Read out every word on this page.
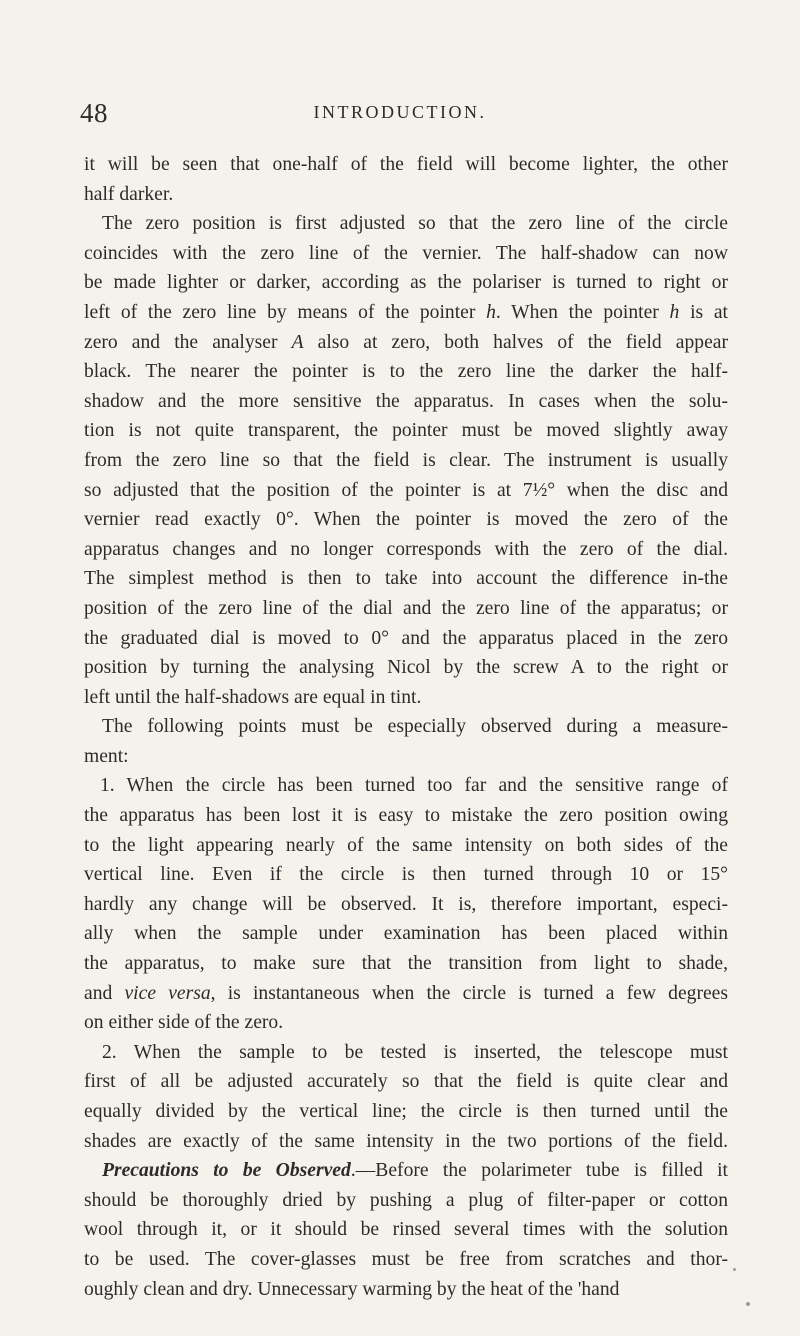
48	INTRODUCTION.
it will be seen that one-half of the field will become lighter, the other
half darker.
The zero position is first adjusted so that the zero line of the circle
coincides with the zero line of the vernier. The half-shadow can now
be made lighter or darker, according as the polariser is turned to right or
left of the zero line by means of the pointer h. When the pointer h is at
zero and the analyser A also at zero, both halves of the field appear
black. The nearer the pointer is to the zero line the darker the half-
shadow and the more sensitive the apparatus. In cases when the solu-
tion is not quite transparent, the pointer must be moved slightly away
from the zero line so that the field is clear. The instrument is usually
so adjusted that the position of the pointer is at 7½° when the disc and
vernier read exactly 0°. When the pointer is moved the zero of the
apparatus changes and no longer corresponds with the zero of the dial.
The simplest method is then to take into account the difference in-the
position of the zero line of the dial and the zero line of the apparatus; or
the graduated dial is moved to 0° and the apparatus placed in the zero
position by turning the analysing Nicol by the screw A to the right or
left until the half-shadows are equal in tint.
The following points must be especially observed during a measure-
ment:
1. When the circle has been turned too far and the sensitive range of
the apparatus has been lost it is easy to mistake the zero position owing
to the light appearing nearly of the same intensity on both sides of the
vertical line. Even if the circle is then turned through 10 or 15°
hardly any change will be observed. It is, therefore important, especi-
ally when the sample under examination has been placed within
the apparatus, to make sure that the transition from light to shade,
and vice versa, is instantaneous when the circle is turned a few degrees
on either side of the zero.
2. When the sample to be tested is inserted, the telescope must
first of all be adjusted accurately so that the field is quite clear and
equally divided by the vertical line; the circle is then turned until the
shades are exactly of the same intensity in the two portions of the field.
Precautions to be Observed.—Before the polarimeter tube is filled it
should be thoroughly dried by pushing a plug of filter-paper or cotton
wool through it, or it should be rinsed several times with the solution
to be used. The cover-glasses must be free from scratches and thor-
oughly clean and dry. Unnecessary warming by the heat of the 'hand
